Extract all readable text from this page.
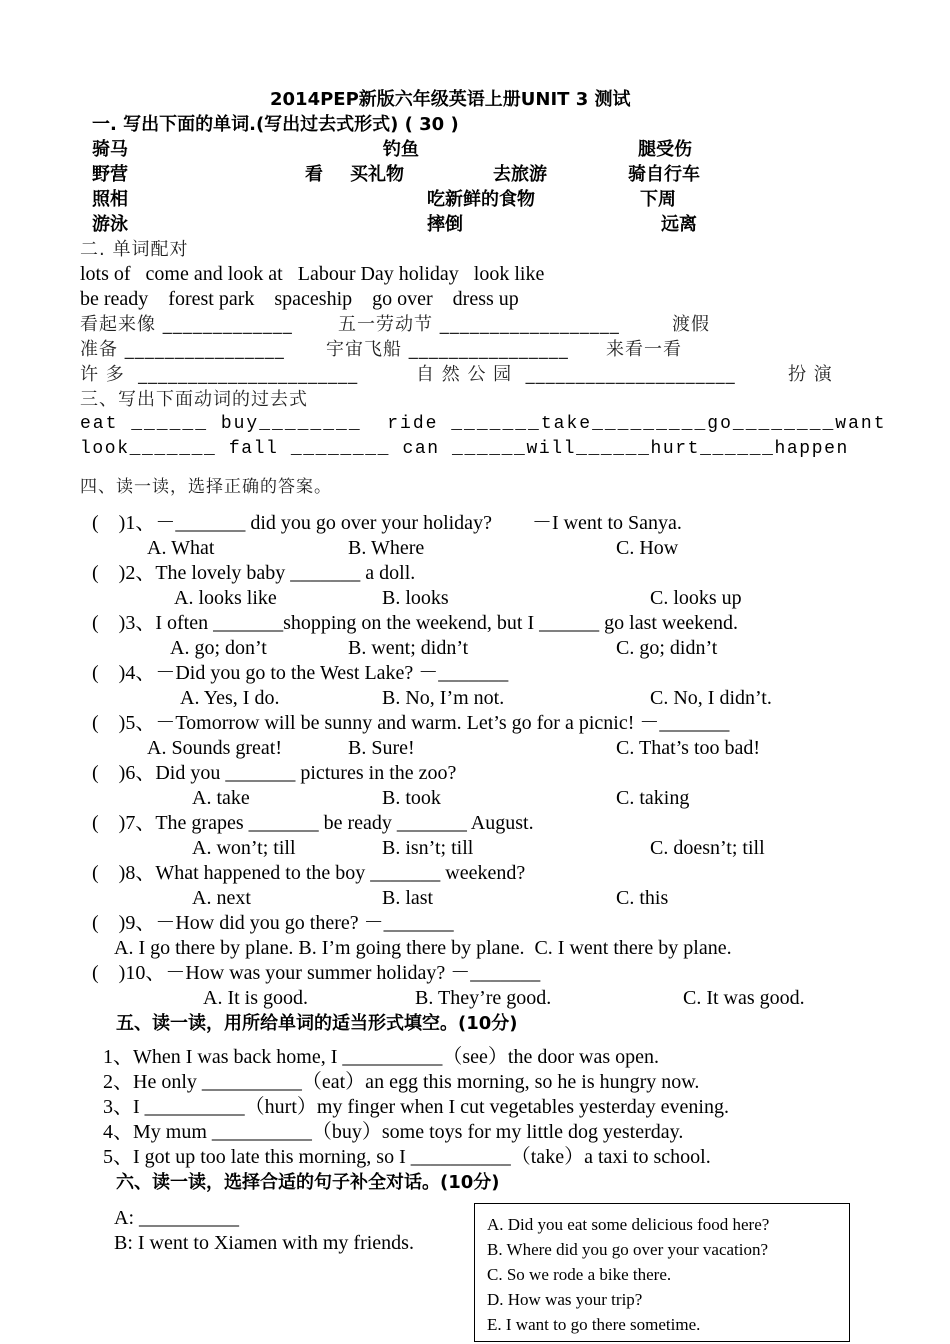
2014PEP新版六年级英语上册UNIT 3 测试
一. 写出下面的单词.(写出过去式形式) ( 30 )
骑马	钓鱼	腿受伤
野营	看 买礼物	去旅游	骑自行车
照相	吃新鲜的食物	下周
游泳	摔倒	远离
二. 单词配对
lots of   come and look at   Labour Day holiday   look like
be ready    forest park    spaceship    go over    dress up
看起来像 _____________ 五一劳动节 __________________	渡假
准备 ________________ 宇宙飞船 ________________ 来看一看
许 多  ______________________	自 然 公 园  _____________________	扮 演
三、写出下面动词的过去式
eat ______ buy________  ride _______take_________go________want
look_______ fall ________ can ______will______hurt______happen
四、读一读，选择正确的答案。
(    )1、－_______ did you go over your holiday?        －I went to Sanya.
A. What	B. Where	C. How
(    )2、The lovely baby _______ a doll.
A. looks like	B. looks	C. looks up
(    )3、I often _______shopping on the weekend, but I ______ go last weekend.
A. go; don’t	B. went; didn’t	C. go; didn’t
(    )4、－Did you go to the West Lake? －_______
A. Yes, I do.	B. No, I’m not.	C. No, I didn’t.
(    )5、－Tomorrow will be sunny and warm. Let’s go for a picnic! －_______
A. Sounds great!	B. Sure!	C. That’s too bad!
(    )6、Did you _______ pictures in the zoo?
A. take	B. took	C. taking
(    )7、The grapes _______ be ready _______ August.
A. won’t; till	B. isn’t; till	C. doesn’t; till
(    )8、What happened to the boy _______ weekend?
A. next	B. last	C. this
(    )9、－How did you go there? －_______
A. I go there by plane. B. I’m going there by plane.  C. I went there by plane.
(    )10、－How was your summer holiday? －_______
A. It is good.	B. They’re good.	C. It was good.
五、读一读，用所给单词的适当形式填空。(10分)
1、When I was back home, I __________（see）the door was open.
2、He only __________（eat）an egg this morning, so he is hungry now.
3、I __________（hurt）my finger when I cut vegetables yesterday evening.
4、My mum __________（buy）some toys for my little dog yesterday.
5、I got up too late this morning, so I __________（take）a taxi to school.
六、读一读，选择合适的句子补全对话。(10分)
A: __________
B: I went to Xiamen with my friends.
A. Did you eat some delicious food here?
B. Where did you go over your vacation?
C. So we rode a bike there.
D. How was your trip?
E. I want to go there sometime.
